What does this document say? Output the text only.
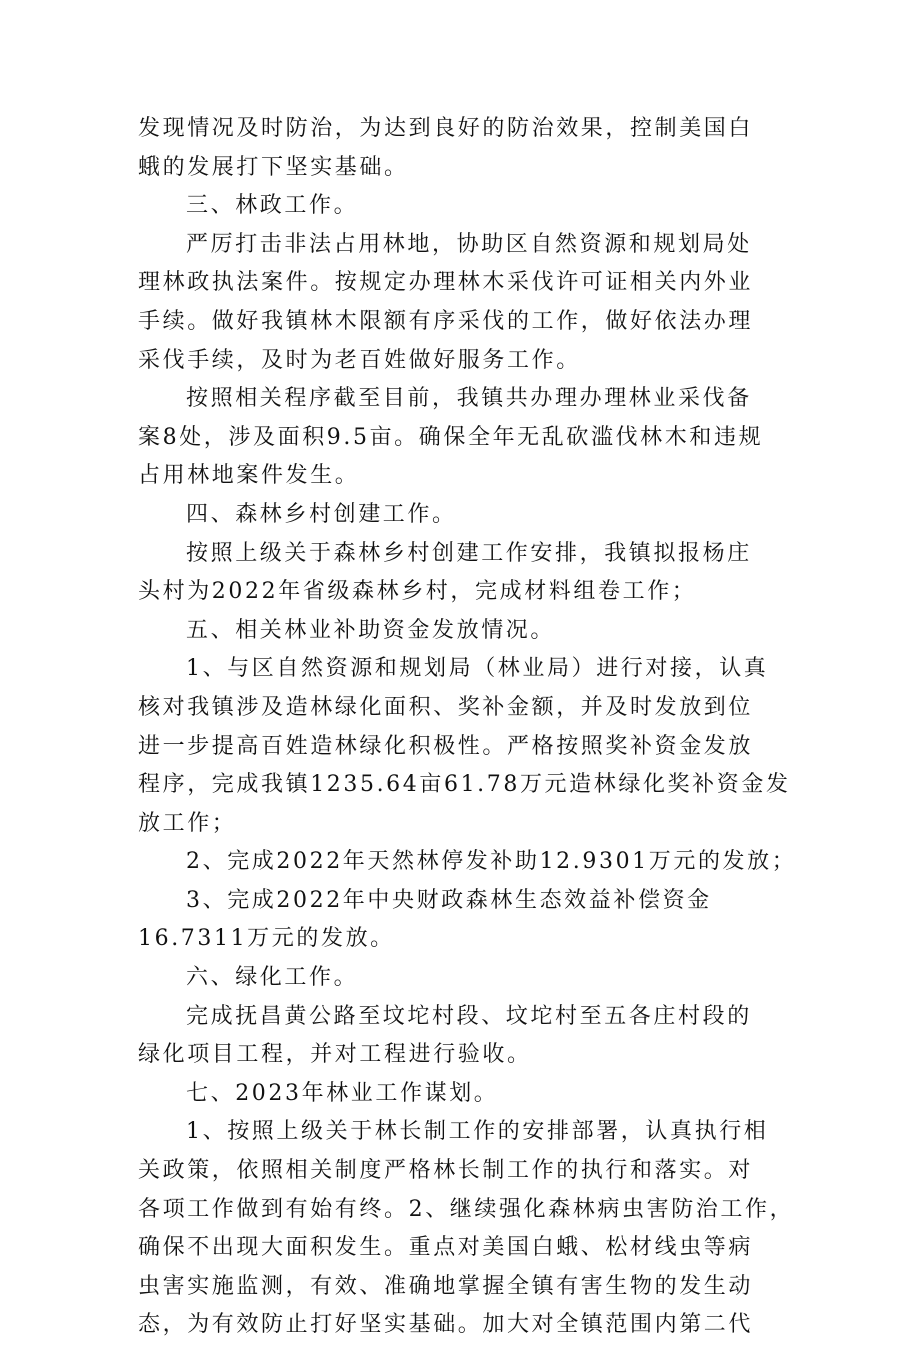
发现情况及时防治，为达到良好的防治效果，控制美国白
蛾的发展打下坚实基础。
三、林政工作。
严厉打击非法占用林地，协助区自然资源和规划局处
理林政执法案件。按规定办理林木采伐许可证相关内外业
手续。做好我镇林木限额有序采伐的工作，做好依法办理
采伐手续，及时为老百姓做好服务工作。
按照相关程序截至目前，我镇共办理办理林业采伐备
案8处，涉及面积9.5亩。确保全年无乱砍滥伐林木和违规
占用林地案件发生。
四、森林乡村创建工作。
按照上级关于森林乡村创建工作安排，我镇拟报杨庄
头村为2022年省级森林乡村，完成材料组卷工作；
五、相关林业补助资金发放情况。
1、与区自然资源和规划局（林业局）进行对接，认真
核对我镇涉及造林绿化面积、奖补金额，并及时发放到位
进一步提高百姓造林绿化积极性。严格按照奖补资金发放
程序，完成我镇1235.64亩61.78万元造林绿化奖补资金发
放工作；
2、完成2022年天然林停发补助12.9301万元的发放；
3、完成2022年中央财政森林生态效益补偿资金
16.7311万元的发放。
六、绿化工作。
完成抚昌黄公路至坟坨村段、坟坨村至五各庄村段的
绿化项目工程，并对工程进行验收。
七、2023年林业工作谋划。
1、按照上级关于林长制工作的安排部署，认真执行相
关政策，依照相关制度严格林长制工作的执行和落实。对
各项工作做到有始有终。2、继续强化森林病虫害防治工作，
确保不出现大面积发生。重点对美国白蛾、松材线虫等病
虫害实施监测，有效、准确地掌握全镇有害生物的发生动
态，为有效防止打好坚实基础。加大对全镇范围内第二代
